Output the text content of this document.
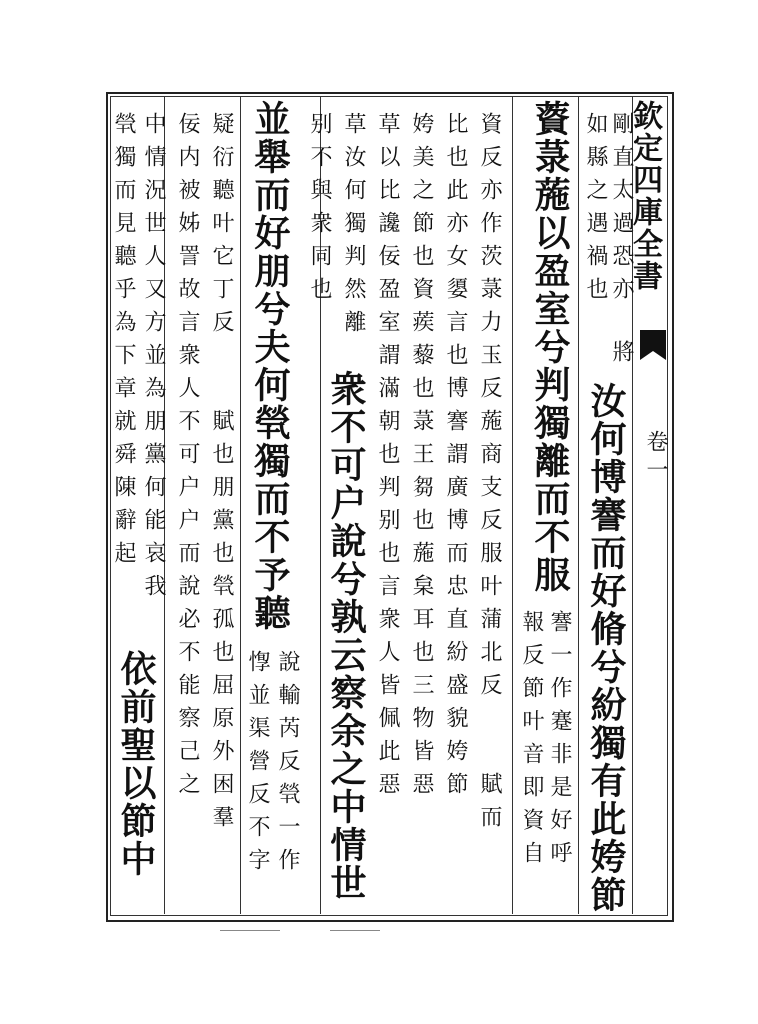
欽定四庫全書
卷一
剛直太過恐亦
如縣之遇禍也
將
汝何博謇而好脩兮紛獨有此姱節
報反節叶音即資自
薋菉葹以盈室兮判獨離而不服
謇一作蹇非是好呼
資反亦作茨菉力玉反葹商支反服叶蒲北反　　賦而
比也此亦女嬃言也博謇謂廣博而忠直紛盛貌姱節
姱美之節也資蒺藜也菉王芻也葹枲耳也三物皆惡
草以比讒佞盈室謂滿朝也判别也言衆人皆佩此惡
草汝何獨判然離
衆不可户說兮孰云察余之中情世
别不與衆同也
並舉而好朋兮夫何煢獨而不予聽
說輸芮反煢一作
惸並渠營反不字
疑衍聽叶它丁反　　賦也朋黨也煢孤也屈原外困羣
佞内被姊詈故言衆人不可户户而說必不能察己之
中情況世人又方並為朋黨何能哀我
依前聖以節中
煢獨而見聽乎為下章就舜陳辭起
